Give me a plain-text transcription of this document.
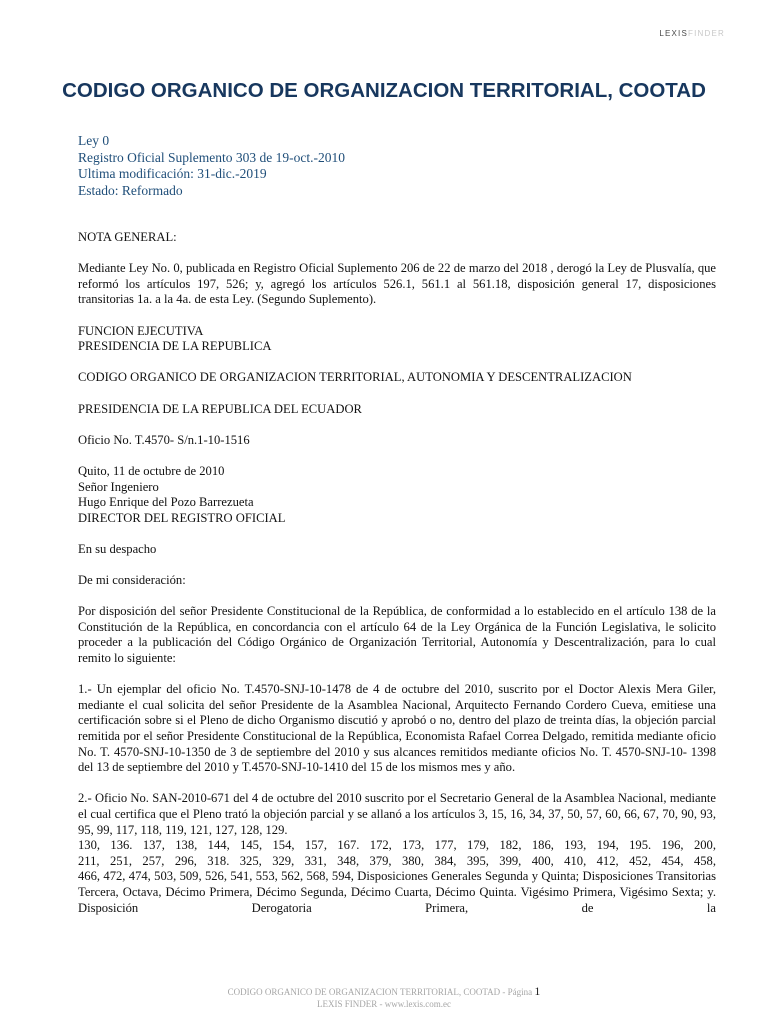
LEXISFINDER
CODIGO ORGANICO DE ORGANIZACION TERRITORIAL, COOTAD
Ley 0
Registro Oficial Suplemento 303 de 19-oct.-2010
Ultima modificación: 31-dic.-2019
Estado: Reformado

NOTA GENERAL:

Mediante Ley No. 0, publicada en Registro Oficial Suplemento 206 de 22 de marzo del 2018 , derogó la Ley de Plusvalía, que reformó los artículos 197, 526; y, agregó los artículos 526.1, 561.1 al 561.18, disposición general 17, disposiciones transitorias 1a. a la 4a. de esta Ley. (Segundo Suplemento).

FUNCION EJECUTIVA

PRESIDENCIA DE LA REPUBLICA

CODIGO ORGANICO DE ORGANIZACION TERRITORIAL, AUTONOMIA Y DESCENTRALIZACION

PRESIDENCIA DE LA REPUBLICA DEL ECUADOR

Oficio No. T.4570- S/n.1-10-1516

Quito, 11 de octubre de 2010

Señor Ingeniero

Hugo Enrique del Pozo Barrezueta

DIRECTOR DEL REGISTRO OFICIAL

En su despacho

De mi consideración:

Por disposición del señor Presidente Constitucional de la República, de conformidad a lo establecido en el artículo 138 de la Constitución de la República, en concordancia con el artículo 64 de la Ley Orgánica de la Función Legislativa, le solicito proceder a la publicación del Código Orgánico de Organización Territorial, Autonomía y Descentralización, para lo cual remito lo siguiente:

1.- Un ejemplar del oficio No. T.4570-SNJ-10-1478 de 4 de octubre del 2010, suscrito por el Doctor Alexis Mera Giler, mediante el cual solicita del señor Presidente de la Asamblea Nacional, Arquitecto Fernando Cordero Cueva, emitiese una certificación sobre si el Pleno de dicho Organismo discutió y aprobó o no, dentro del plazo de treinta días, la objeción parcial remitida por el señor Presidente Constitucional de la República, Economista Rafael Correa Delgado, remitida mediante oficio No. T. 4570-SNJ-10-1350 de 3 de septiembre del 2010 y sus alcances remitidos mediante oficios No. T. 4570-SNJ-10- 1398 del 13 de septiembre del 2010 y T.4570-SNJ-10-1410 del 15 de los mismos mes y año.

2.- Oficio No. SAN-2010-671 del 4 de octubre del 2010 suscrito por el Secretario General de la Asamblea Nacional, mediante el cual certifica que el Pleno trató la objeción parcial y se allanó a los artículos 3, 15, 16, 34, 37, 50, 57, 60, 66, 67, 70, 90, 93, 95, 99, 117, 118, 119, 121, 127, 128, 129.

130, 136. 137, 138, 144, 145, 154, 157, 167. 172, 173, 177, 179, 182, 186, 193, 194, 195. 196, 200,

211, 251, 257, 296, 318. 325, 329, 331, 348, 379, 380, 384, 395, 399, 400, 410, 412, 452, 454, 458,

466, 472, 474, 503, 509, 526, 541, 553, 562, 568, 594, Disposiciones Generales Segunda y Quinta; Disposiciones Transitorias Tercera, Octava, Décimo Primera, Décimo Segunda, Décimo Cuarta, Décimo Quinta. Vigésimo Primera, Vigésimo Sexta; y. Disposición Derogatoria Primera, de la

CODIGO ORGANICO DE ORGANIZACION TERRITORIAL, COOTAD - Página 1
LEXIS FINDER - www.lexis.com.ec
